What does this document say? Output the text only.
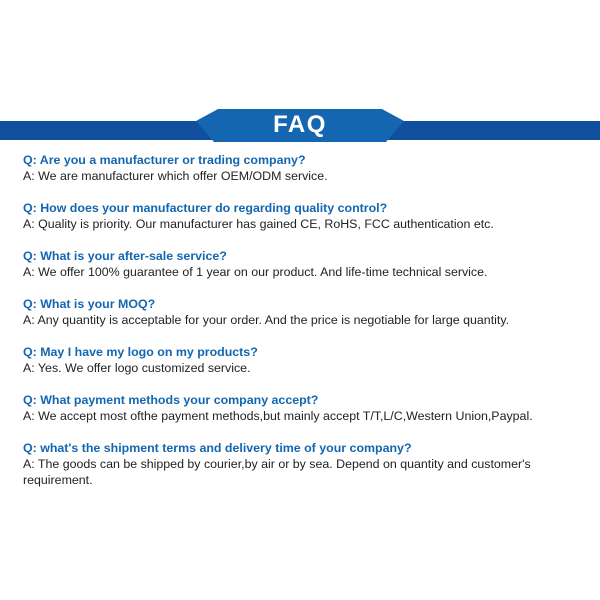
FAQ
Q: Are you a manufacturer or trading company?
A: We are manufacturer which offer OEM/ODM service.
Q: How does your manufacturer do regarding quality control?
A: Quality is priority. Our manufacturer has gained CE, RoHS, FCC authentication etc.
Q: What is your after-sale service?
A: We offer 100% guarantee of 1 year on our product. And life-time technical service.
Q: What is your MOQ?
A: Any quantity is acceptable for your order. And the price is negotiable for large quantity.
Q: May I have my logo on my products?
A: Yes. We offer logo customized service.
Q: What payment methods your company accept?
A: We accept most ofthe payment methods,but mainly accept T/T,L/C,Western Union,Paypal.
Q: what's the shipment terms and delivery time of your company?
A: The goods can be shipped by courier,by air or by sea. Depend on quantity and customer's requirement.
